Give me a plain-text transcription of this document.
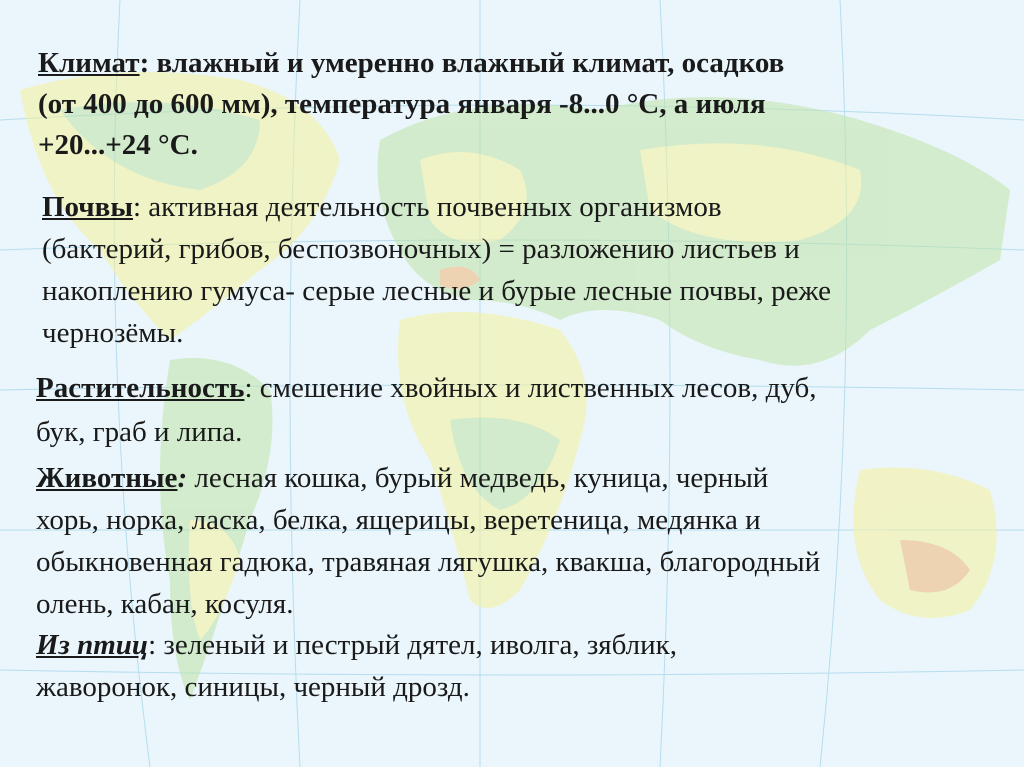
Климат: влажный и умеренно влажный климат, осадков
(от 400 до 600 мм), температура января -8...0 °С, а июля
+20...+24 °С.
Почвы: активная деятельность почвенных организмов
(бактерий, грибов, беспозвоночных) = разложению листьев и
накоплению гумуса- серые лесные и бурые лесные почвы, реже
чернозёмы.
Растительность: смешение хвойных и лиственных лесов, дуб,
бук, граб и липа.
Животные: лесная кошка, бурый медведь, куница, черный
хорь, норка, ласка, белка, ящерицы, веретеница, медянка и
обыкновенная гадюка, травяная лягушка, квакша, благородный
олень, кабан, косуля.
Из птиц: зеленый и пестрый дятел, иволга, зяблик,
жаворонок, синицы, черный дрозд.
